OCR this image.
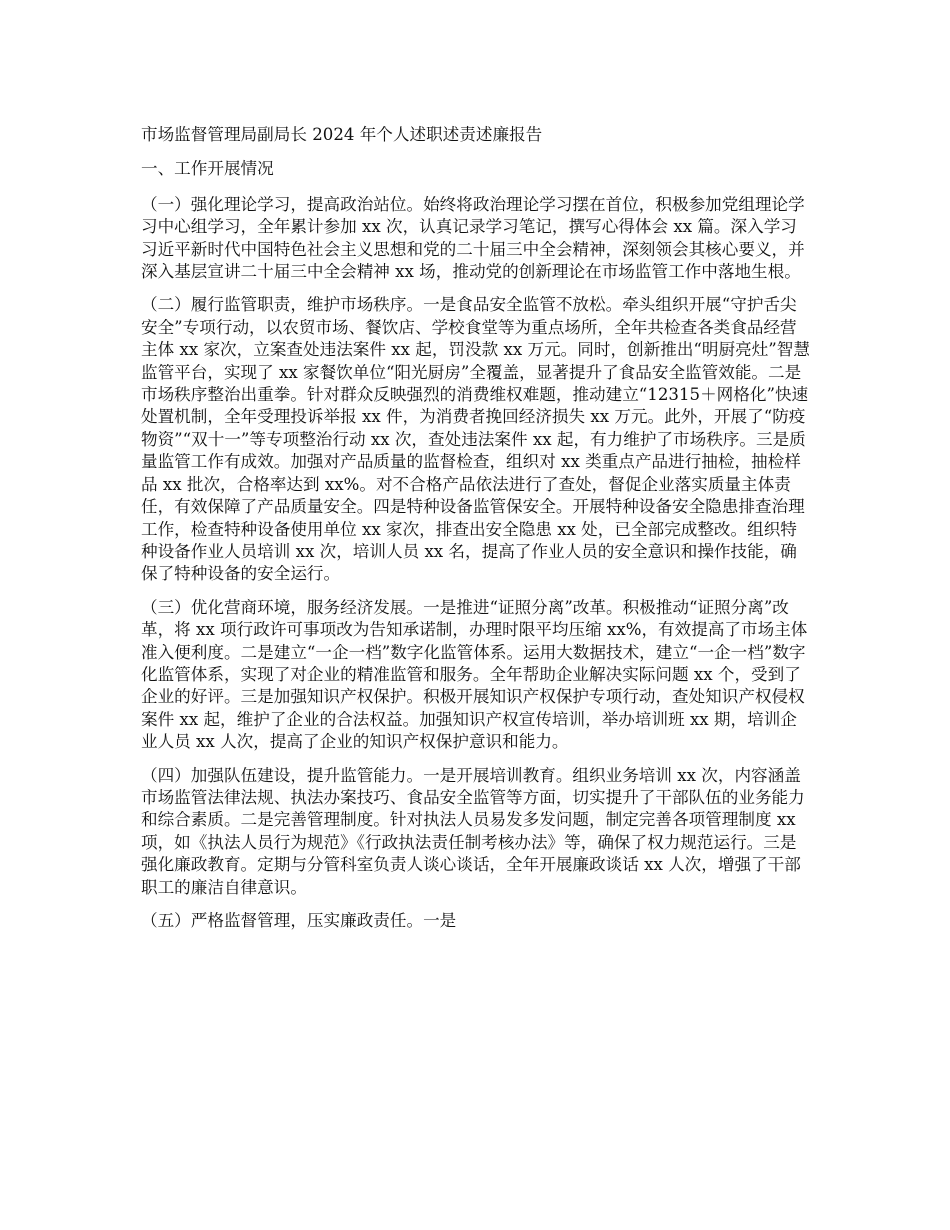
市场监督管理局副局长 2024 年个人述职述责述廉报告

一、工作开展情况

（一）强化理论学习，提高政治站位。始终将政治理论学习摆在首位，积极参加党组理论学习中心组学习，全年累计参加 xx 次，认真记录学习笔记，撰写心得体会 xx 篇。深入学习习近平新时代中国特色社会主义思想和党的二十届三中全会精神，深刻领会其核心要义，并深入基层宣讲二十届三中全会精神 xx 场，推动党的创新理论在市场监管工作中落地生根。

（二）履行监管职责，维护市场秩序。一是食品安全监管不放松。牵头组织开展“守护舌尖安全”专项行动，以农贸市场、餐饮店、学校食堂等为重点场所，全年共检查各类食品经营主体 xx 家次，立案查处违法案件 xx 起，罚没款 xx 万元。同时，创新推出“明厨亮灶”智慧监管平台，实现了 xx 家餐饮单位“阳光厨房”全覆盖，显著提升了食品安全监管效能。二是市场秩序整治出重拳。针对群众反映强烈的消费维权难题，推动建立“12315＋网格化”快速处置机制，全年受理投诉举报 xx 件，为消费者挽回经济损失 xx 万元。此外，开展了“防疫物资”“双十一”等专项整治行动 xx 次，查处违法案件 xx 起，有力维护了市场秩序。三是质量监管工作有成效。加强对产品质量的监督检查，组织对 xx 类重点产品进行抽检，抽检样品 xx 批次，合格率达到 xx%。对不合格产品依法进行了查处，督促企业落实质量主体责任，有效保障了产品质量安全。四是特种设备监管保安全。开展特种设备安全隐患排查治理工作，检查特种设备使用单位 xx 家次，排查出安全隐患 xx 处，已全部完成整改。组织特种设备作业人员培训 xx 次，培训人员 xx 名，提高了作业人员的安全意识和操作技能，确保了特种设备的安全运行。

（三）优化营商环境，服务经济发展。一是推进“证照分离”改革。积极推动“证照分离”改革，将 xx 项行政许可事项改为告知承诺制，办理时限平均压缩 xx%，有效提高了市场主体准入便利度。二是建立“一企一档”数字化监管体系。运用大数据技术，建立“一企一档”数字化监管体系，实现了对企业的精准监管和服务。全年帮助企业解决实际问题 xx 个，受到了企业的好评。三是加强知识产权保护。积极开展知识产权保护专项行动，查处知识产权侵权案件 xx 起，维护了企业的合法权益。加强知识产权宣传培训，举办培训班 xx 期，培训企业人员 xx 人次，提高了企业的知识产权保护意识和能力。

（四）加强队伍建设，提升监管能力。一是开展培训教育。组织业务培训 xx 次，内容涵盖市场监管法律法规、执法办案技巧、食品安全监管等方面，切实提升了干部队伍的业务能力和综合素质。二是完善管理制度。针对执法人员易发多发问题，制定完善各项管理制度 xx 项，如《执法人员行为规范》《行政执法责任制考核办法》等，确保了权力规范运行。三是强化廉政教育。定期与分管科室负责人谈心谈话，全年开展廉政谈话 xx 人次，增强了干部职工的廉洁自律意识。

（五）严格监督管理，压实廉政责任。一是
